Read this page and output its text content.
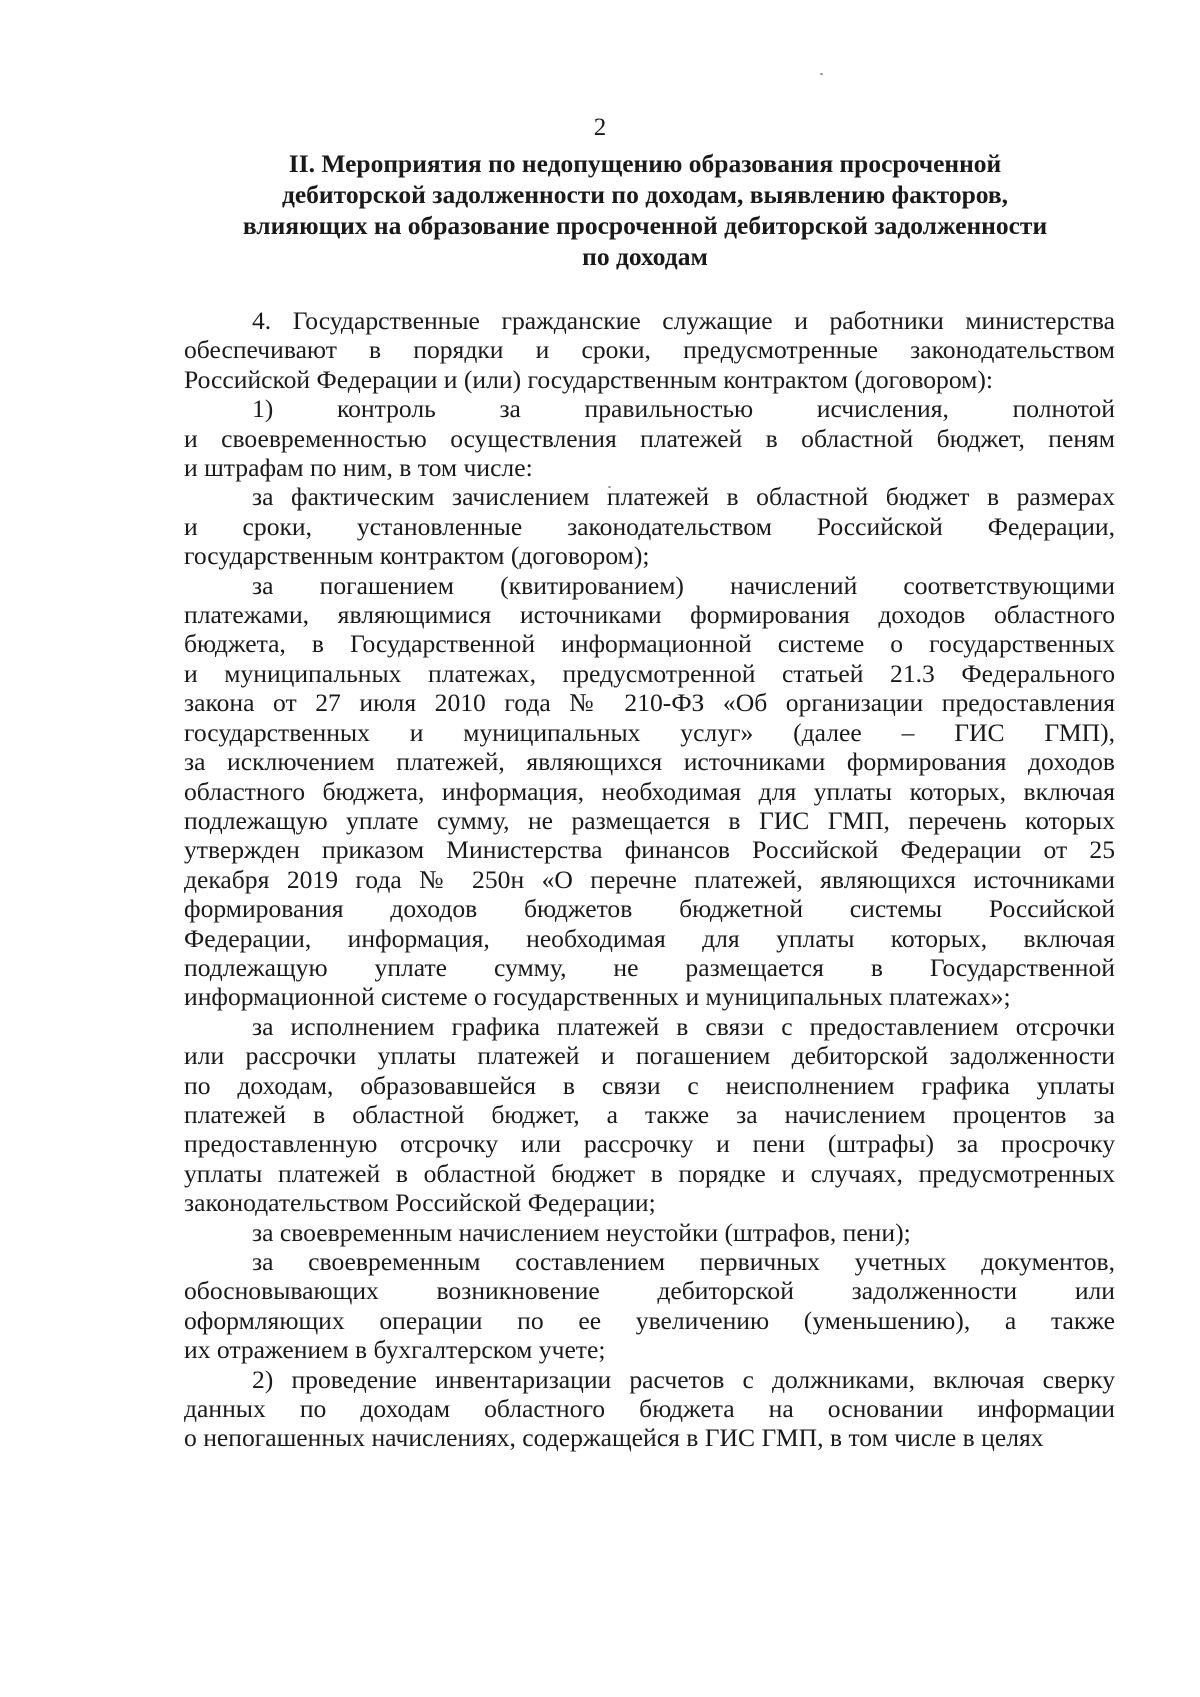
2
II. Мероприятия по недопущению образования просроченной
дебиторской задолженности по доходам, выявлению факторов,
влияющих на образование просроченной дебиторской задолженности
по доходам
4. Государственные гражданские служащие и работники министерства
обеспечивают в порядки и сроки, предусмотренные законодательством
Российской Федерации и (или) государственным контрактом (договором):
1) контроль за правильностью исчисления, полнотой
и своевременностью осуществления платежей в областной бюджет, пеням
и штрафам по ним, в том числе:
за фактическим зачислением платежей в областной бюджет в размерах
и сроки, установленные законодательством Российской Федерации,
государственным контрактом (договором);
за погашением (квитированием) начислений соответствующими
платежами, являющимися источниками формирования доходов областного
бюджета, в Государственной информационной системе о государственных
и муниципальных платежах, предусмотренной статьей 21.3 Федерального
закона от 27 июля 2010 года № 210-ФЗ «Об организации предоставления
государственных и муниципальных услуг» (далее – ГИС ГМП),
за исключением платежей, являющихся источниками формирования доходов
областного бюджета, информация, необходимая для уплаты которых, включая
подлежащую уплате сумму, не размещается в ГИС ГМП, перечень которых
утвержден приказом Министерства финансов Российской Федерации от 25
декабря 2019 года № 250н «О перечне платежей, являющихся источниками
формирования доходов бюджетов бюджетной системы Российской
Федерации, информация, необходимая для уплаты которых, включая
подлежащую уплате сумму, не размещается в Государственной
информационной системе о государственных и муниципальных платежах»;
за исполнением графика платежей в связи с предоставлением отсрочки
или рассрочки уплаты платежей и погашением дебиторской задолженности
по доходам, образовавшейся в связи с неисполнением графика уплаты
платежей в областной бюджет, а также за начислением процентов за
предоставленную отсрочку или рассрочку и пени (штрафы) за просрочку
уплаты платежей в областной бюджет в порядке и случаях, предусмотренных
законодательством Российской Федерации;
за своевременным начислением неустойки (штрафов, пени);
за своевременным составлением первичных учетных документов,
обосновывающих возникновение дебиторской задолженности или
оформляющих операции по ее увеличению (уменьшению), а также
их отражением в бухгалтерском учете;
2) проведение инвентаризации расчетов с должниками, включая сверку
данных по доходам областного бюджета на основании информации
о непогашенных начислениях, содержащейся в ГИС ГМП, в том числе в целях
